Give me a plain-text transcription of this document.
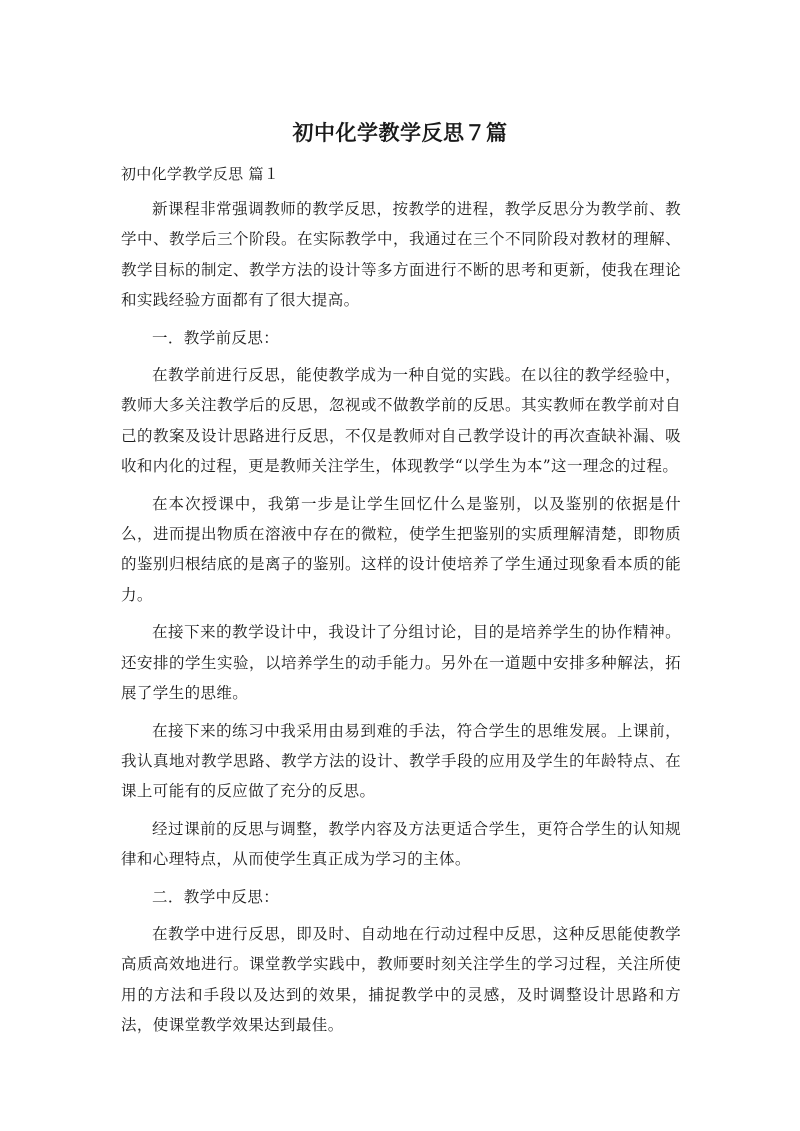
初中化学教学反思７篇

初中化学教学反思 篇１

新课程非常强调教师的教学反思，按教学的进程，教学反思分为教学前、教学中、教学后三个阶段。在实际教学中，我通过在三个不同阶段对教材的理解、教学目标的制定、教学方法的设计等多方面进行不断的思考和更新，使我在理论和实践经验方面都有了很大提高。

一．教学前反思：

在教学前进行反思，能使教学成为一种自觉的实践。在以往的教学经验中，教师大多关注教学后的反思，忽视或不做教学前的反思。其实教师在教学前对自己的教案及设计思路进行反思，不仅是教师对自己教学设计的再次查缺补漏、吸收和内化的过程，更是教师关注学生，体现教学“以学生为本”这一理念的过程。

在本次授课中，我第一步是让学生回忆什么是鉴别，以及鉴别的依据是什么，进而提出物质在溶液中存在的微粒，使学生把鉴别的实质理解清楚，即物质的鉴别归根结底的是离子的鉴别。这样的设计使培养了学生通过现象看本质的能力。

在接下来的教学设计中，我设计了分组讨论，目的是培养学生的协作精神。还安排的学生实验，以培养学生的动手能力。另外在一道题中安排多种解法，拓展了学生的思维。

在接下来的练习中我采用由易到难的手法，符合学生的思维发展。上课前，我认真地对教学思路、教学方法的设计、教学手段的应用及学生的年龄特点、在课上可能有的反应做了充分的反思。

经过课前的反思与调整，教学内容及方法更适合学生，更符合学生的认知规律和心理特点，从而使学生真正成为学习的主体。

二．教学中反思：

在教学中进行反思，即及时、自动地在行动过程中反思，这种反思能使教学高质高效地进行。课堂教学实践中，教师要时刻关注学生的学习过程，关注所使用的方法和手段以及达到的效果，捕捉教学中的灵感，及时调整设计思路和方法，使课堂教学效果达到最佳。
